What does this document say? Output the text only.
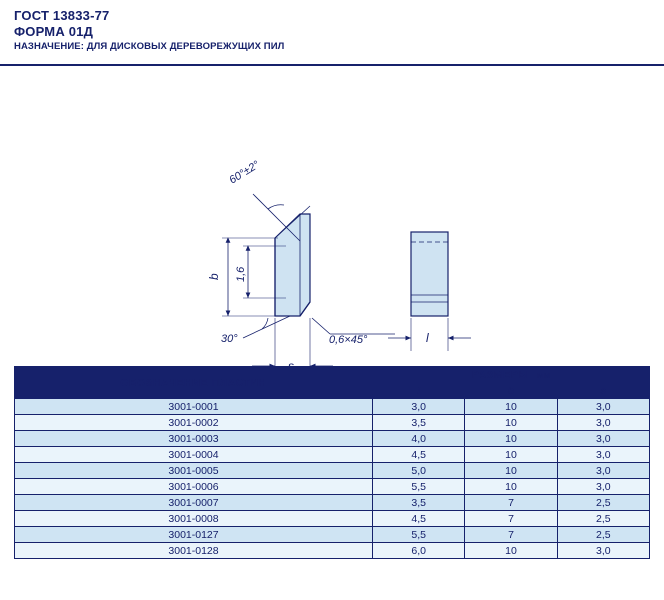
ГОСТ 13833-77
ФОРМА 01Д
НАЗНАЧЕНИЕ: ДЛЯ ДИСКОВЫХ ДЕРЕВОРЕЖУЩИХ ПИЛ
60°±2°
30°	0,6×45°
b 1,6
l
ОБОЗНАЧЕНИЕ ПЛАСТИН	РАЗМЕРЫ мм		
	l	b	s
3001-0001	3,0	10	3,0
3001-0002	3,5	10	3,0
3001-0003	4,0	10	3,0
3001-0004	4,5	10	3,0
3001-0005	5,0	10	3,0
3001-0006	5,5	10	3,0
3001-0007	3,5	7	2,5
3001-0008	4,5	7	2,5
3001-0127	5,5	7	2,5
3001-0128	6,0	10	3,0
